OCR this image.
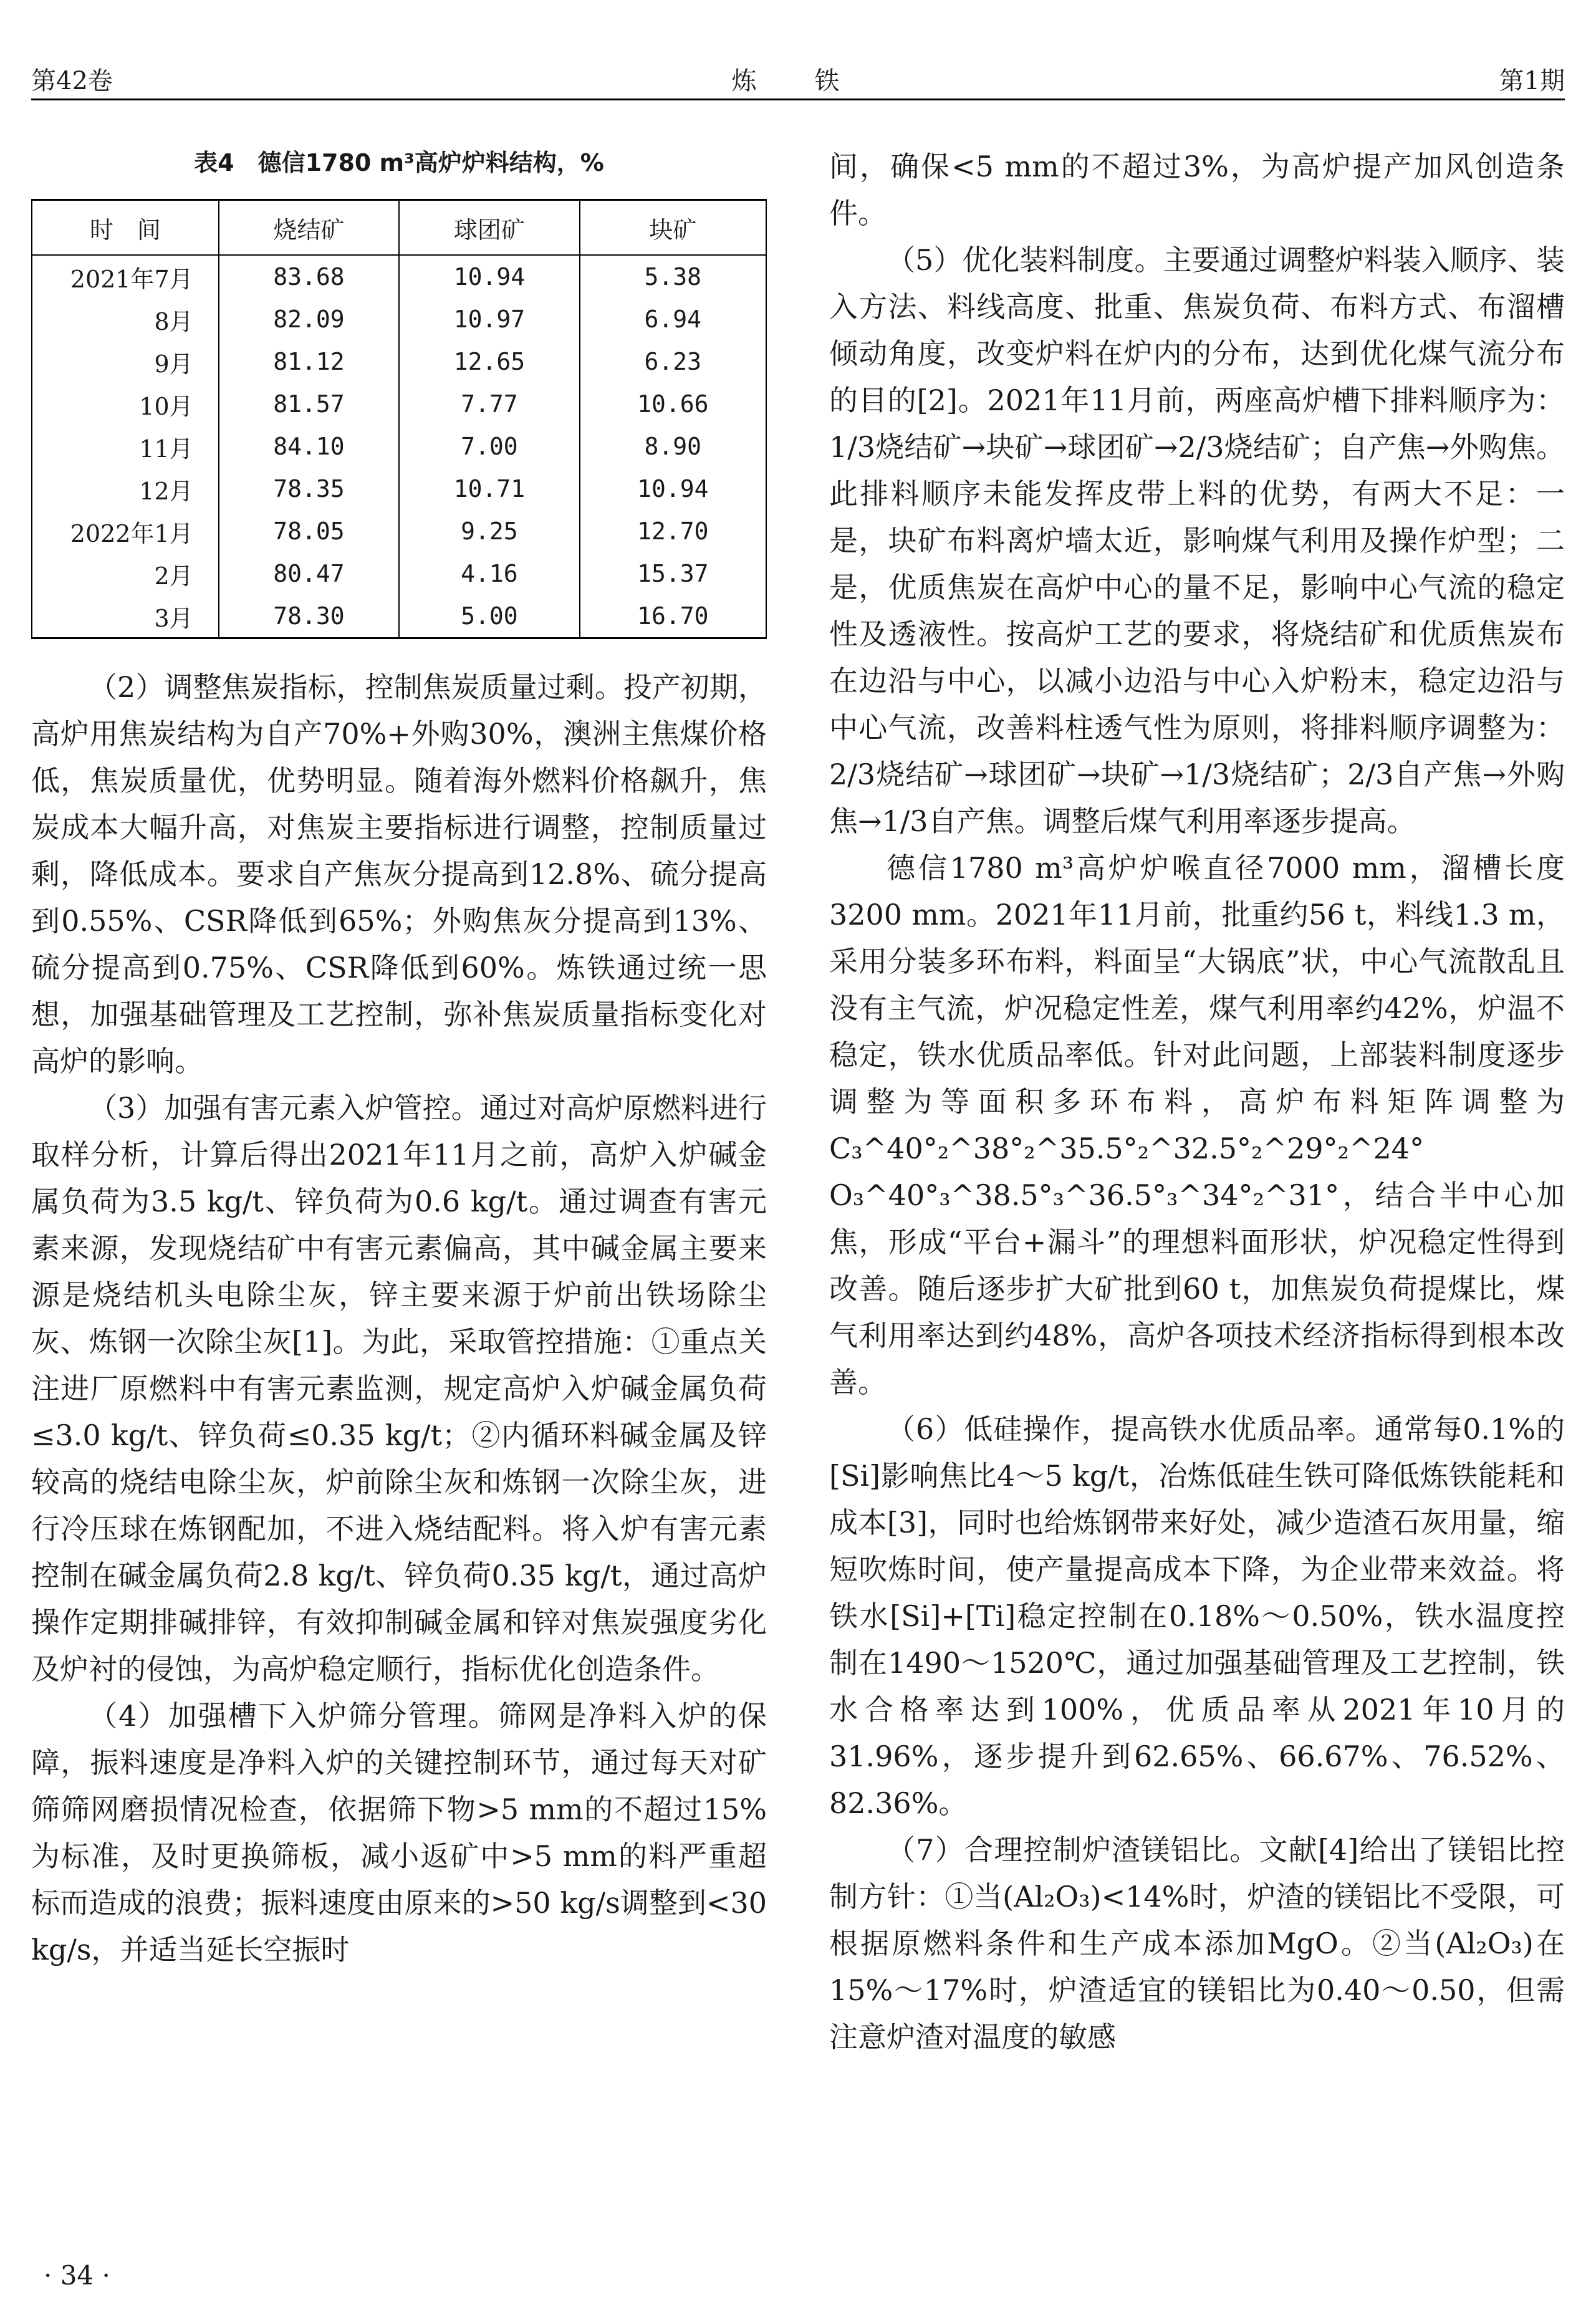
第42卷	炼 铁	第1期
表4　德信1780 m³高炉炉料结构，%
时　间	烧结矿	球团矿	块矿
2021年7月	83.68	10.94	5.38
8月	82.09	10.97	6.94
9月	81.12	12.65	6.23
10月	81.57	7.77	10.66
11月	84.10	7.00	8.90
12月	78.35	10.71	10.94
2022年1月	78.05	9.25	12.70
2月	80.47	4.16	15.37
3月	78.30	5.00	16.70

（2）调整焦炭指标，控制焦炭质量过剩。投产初期，高炉用焦炭结构为自产70%+外购30%，澳洲主焦煤价格低，焦炭质量优，优势明显。随着海外燃料价格飙升，焦炭成本大幅升高，对焦炭主要指标进行调整，控制质量过剩，降低成本。要求自产焦灰分提高到12.8%、硫分提高到0.55%、CSR降低到65%；外购焦灰分提高到13%、硫分提高到0.75%、CSR降低到60%。炼铁通过统一思想，加强基础管理及工艺控制，弥补焦炭质量指标变化对高炉的影响。

（3）加强有害元素入炉管控。通过对高炉原燃料进行取样分析，计算后得出2021年11月之前，高炉入炉碱金属负荷为3.5 kg/t、锌负荷为0.6 kg/t。通过调查有害元素来源，发现烧结矿中有害元素偏高，其中碱金属主要来源是烧结机头电除尘灰，锌主要来源于炉前出铁场除尘灰、炼钢一次除尘灰[1]。为此，采取管控措施：①重点关注进厂原燃料中有害元素监测，规定高炉入炉碱金属负荷≤3.0 kg/t、锌负荷≤0.35 kg/t；②内循环料碱金属及锌较高的烧结电除尘灰，炉前除尘灰和炼钢一次除尘灰，进行冷压球在炼钢配加，不进入烧结配料。将入炉有害元素控制在碱金属负荷2.8 kg/t、锌负荷0.35 kg/t，通过高炉操作定期排碱排锌，有效抑制碱金属和锌对焦炭强度劣化及炉衬的侵蚀，为高炉稳定顺行，指标优化创造条件。

（4）加强槽下入炉筛分管理。筛网是净料入炉的保障，振料速度是净料入炉的关键控制环节，通过每天对矿筛筛网磨损情况检查，依据筛下物>5 mm的不超过15%为标准，及时更换筛板，减小返矿中>5 mm的料严重超标而造成的浪费；振料速度由原来的>50 kg/s调整到<30 kg/s，并适当延长空振时

间，确保<5 mm的不超过3%，为高炉提产加风创造条件。

（5）优化装料制度。主要通过调整炉料装入顺序、装入方法、料线高度、批重、焦炭负荷、布料方式、布溜槽倾动角度，改变炉料在炉内的分布，达到优化煤气流分布的目的[2]。2021年11月前，两座高炉槽下排料顺序为：1/3烧结矿→块矿→球团矿→2/3烧结矿；自产焦→外购焦。此排料顺序未能发挥皮带上料的优势，有两大不足：一是，块矿布料离炉墙太近，影响煤气利用及操作炉型；二是，优质焦炭在高炉中心的量不足，影响中心气流的稳定性及透液性。按高炉工艺的要求，将烧结矿和优质焦炭布在边沿与中心，以减小边沿与中心入炉粉末，稳定边沿与中心气流，改善料柱透气性为原则，将排料顺序调整为：2/3烧结矿→球团矿→块矿→1/3烧结矿；2/3自产焦→外购焦→1/3自产焦。调整后煤气利用率逐步提高。

德信1780 m³高炉炉喉直径7000 mm，溜槽长度3200 mm。2021年11月前，批重约56 t，料线1.3 m，采用分装多环布料，料面呈“大锅底”状，中心气流散乱且没有主气流，炉况稳定性差，煤气利用率约42%，炉温不稳定，铁水优质品率低。针对此问题，上部装料制度逐步调整为等面积多环布料，高炉布料矩阵调整为C₃^40°₂^38°₂^35.5°₂^32.5°₂^29°₂^24° O₃^40°₃^38.5°₃^36.5°₃^34°₂^31°，结合半中心加焦，形成“平台+漏斗”的理想料面形状，炉况稳定性得到改善。随后逐步扩大矿批到60 t，加焦炭负荷提煤比，煤气利用率达到约48%，高炉各项技术经济指标得到根本改善。

（6）低硅操作，提高铁水优质品率。通常每0.1%的[Si]影响焦比4～5 kg/t，冶炼低硅生铁可降低炼铁能耗和成本[3]，同时也给炼钢带来好处，减少造渣石灰用量，缩短吹炼时间，使产量提高成本下降，为企业带来效益。将铁水[Si]+[Ti]稳定控制在0.18%～0.50%，铁水温度控制在1490～1520℃，通过加强基础管理及工艺控制，铁水合格率达到100%，优质品率从2021年10月的31.96%，逐步提升到62.65%、66.67%、76.52%、82.36%。

（7）合理控制炉渣镁铝比。文献[4]给出了镁铝比控制方针：①当(Al₂O₃)<14%时，炉渣的镁铝比不受限，可根据原燃料条件和生产成本添加MgO。②当(Al₂O₃)在15%～17%时，炉渣适宜的镁铝比为0.40～0.50，但需注意炉渣对温度的敏感

· 34 ·
